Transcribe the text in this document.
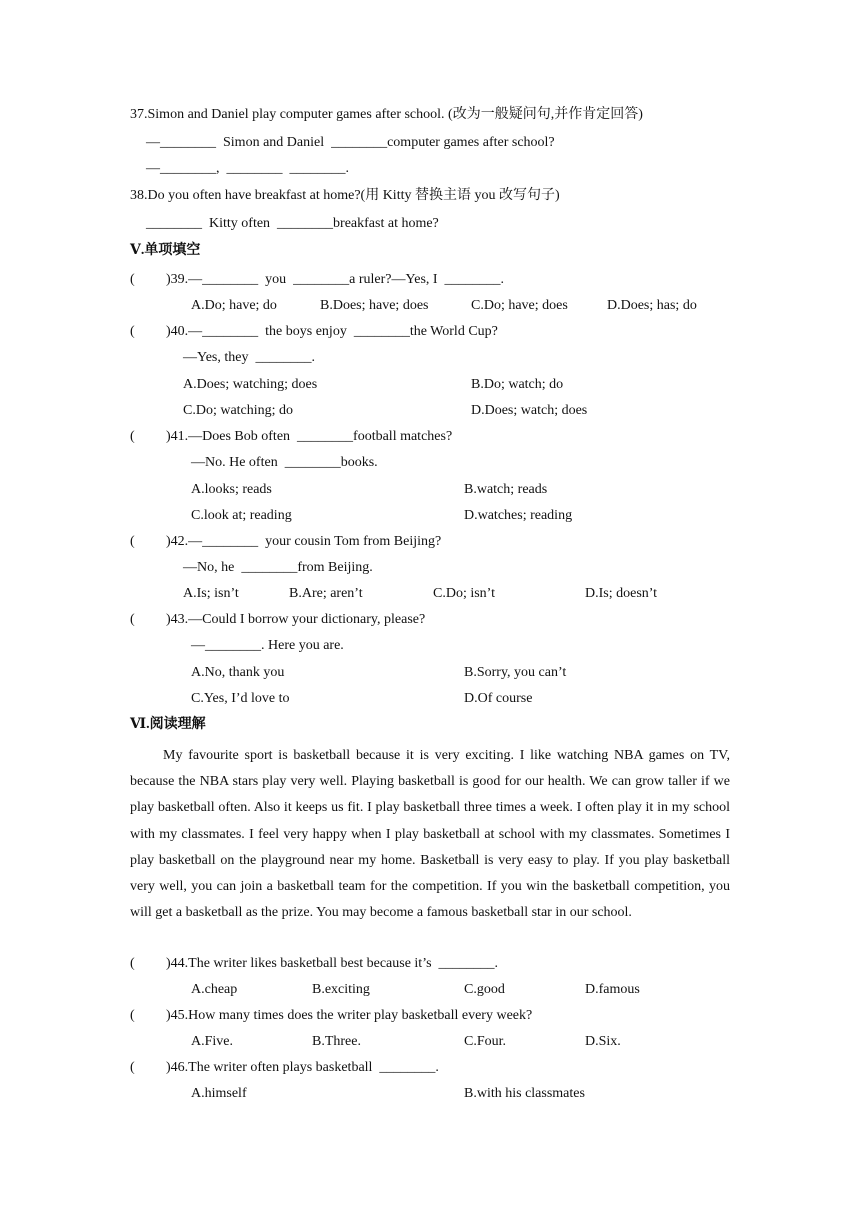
37.Simon and Daniel play computer games after school. (改为一般疑问句,并作肯定回答)
—________  Simon and Daniel  ________computer games after school?
—________,  ________  ________.
38.Do you often have breakfast at home?(用 Kitty 替换主语 you 改写句子)
________  Kitty often  ________breakfast at home?
Ⅴ.单项填空
( )39.—________  you  ________a ruler?—Yes, I  ________.
A.Do; have; do	B.Does; have; does	C.Do; have; does	D.Does; has; do
( )40.—________  the boys enjoy  ________the World Cup?
—Yes, they  ________.
A.Does; watching; does	B.Do; watch; do
C.Do; watching; do	D.Does; watch; does
( )41.—Does Bob often  ________football matches?
—No. He often  ________books.
A.looks; reads	B.watch; reads
C.look at; reading	D.watches; reading
( )42.—________  your cousin Tom from Beijing?
—No, he  ________from Beijing.
A.Is; isn’t	B.Are; aren’t	C.Do; isn’t	D.Is; doesn’t
( )43.—Could I borrow your dictionary, please?
—________. Here you are.
A.No, thank you	B.Sorry, you can’t
C.Yes, I’d love to	D.Of course
Ⅵ.阅读理解
My favourite sport is basketball because it is very exciting. I like watching NBA games on TV, because the NBA stars play very well. Playing basketball is good for our health. We can grow taller if we play basketball often. Also it keeps us fit. I play basketball three times a week. I often play it in my school with my classmates. I feel very happy when I play basketball at school with my classmates. Sometimes I play basketball on the playground near my home. Basketball is very easy to play. If you play basketball very well, you can join a basketball team for the competition. If you win the basketball competition, you will get a basketball as the prize. You may become a famous basketball star in our school.
( )44.The writer likes basketball best because it’s  ________.
A.cheap	B.exciting	C.good	D.famous
( )45.How many times does the writer play basketball every week?
A.Five.	B.Three.	C.Four.	D.Six.
( )46.The writer often plays basketball  ________.
A.himself	B.with his classmates
